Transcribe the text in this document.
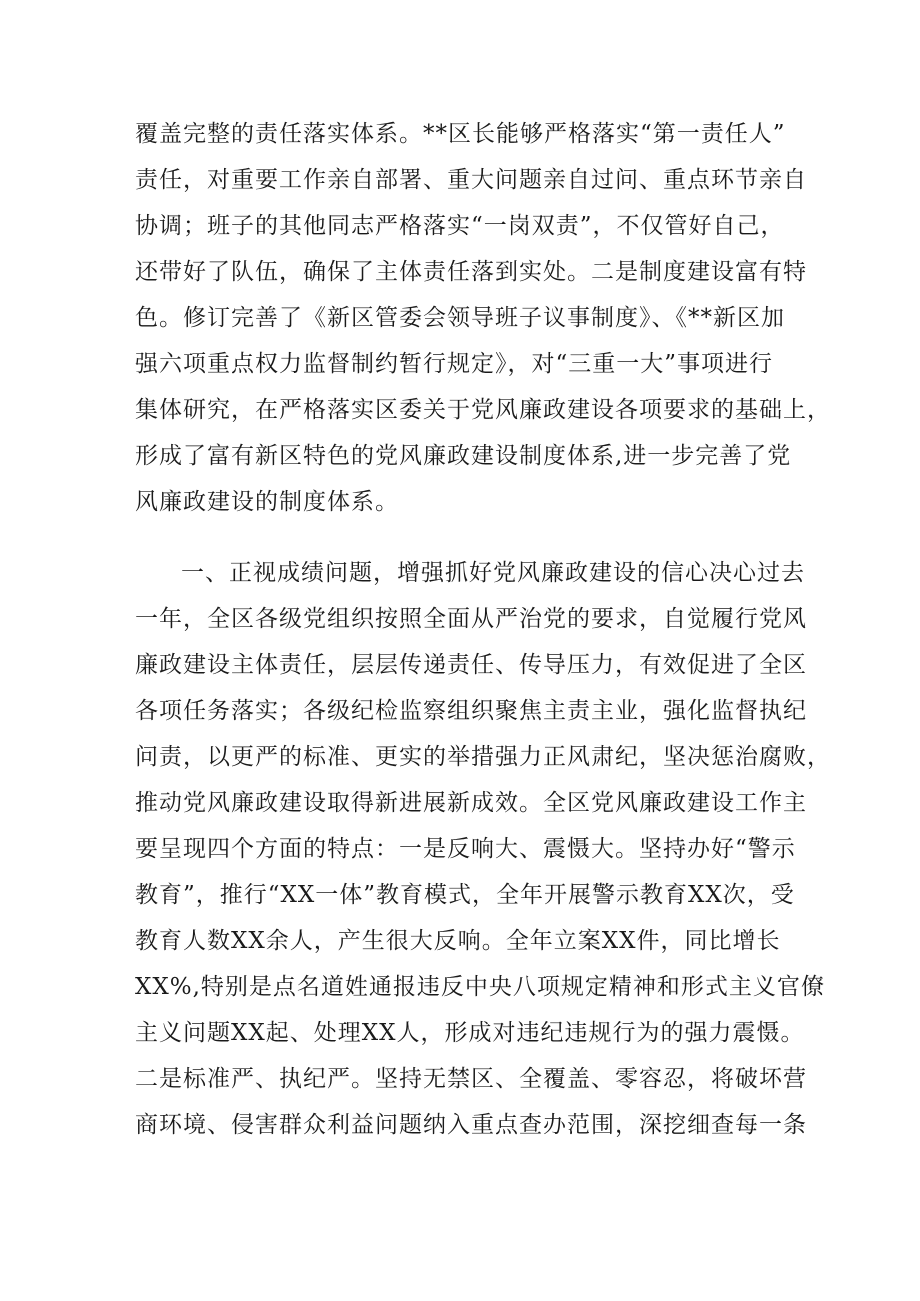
覆盖完整的责任落实体系。**区长能够严格落实“第一责任人”
责任，对重要工作亲自部署、重大问题亲自过问、重点环节亲自
协调；班子的其他同志严格落实“一岗双责”，不仅管好自己，
还带好了队伍，确保了主体责任落到实处。二是制度建设富有特
色。修订完善了《新区管委会领导班子议事制度》、《**新区加
强六项重点权力监督制约暂行规定》，对“三重一大”事项进行
集体研究，在严格落实区委关于党风廉政建设各项要求的基础上，
形成了富有新区特色的党风廉政建设制度体系,进一步完善了党
风廉政建设的制度体系。
一、正视成绩问题，增强抓好党风廉政建设的信心决心过去
一年，全区各级党组织按照全面从严治党的要求，自觉履行党风
廉政建设主体责任，层层传递责任、传导压力，有效促进了全区
各项任务落实；各级纪检监察组织聚焦主责主业，强化监督执纪
问责，以更严的标准、更实的举措强力正风肃纪，坚决惩治腐败，
推动党风廉政建设取得新进展新成效。全区党风廉政建设工作主
要呈现四个方面的特点：一是反响大、震慑大。坚持办好“警示
教育”，推行“XX一体”教育模式，全年开展警示教育XX次，受
教育人数XX余人，产生很大反响。全年立案XX件，同比增长
XX%,特别是点名道姓通报违反中央八项规定精神和形式主义官僚
主义问题XX起、处理XX人，形成对违纪违规行为的强力震慑。
二是标准严、执纪严。坚持无禁区、全覆盖、零容忍，将破坏营
商环境、侵害群众利益问题纳入重点查办范围，深挖细查每一条
